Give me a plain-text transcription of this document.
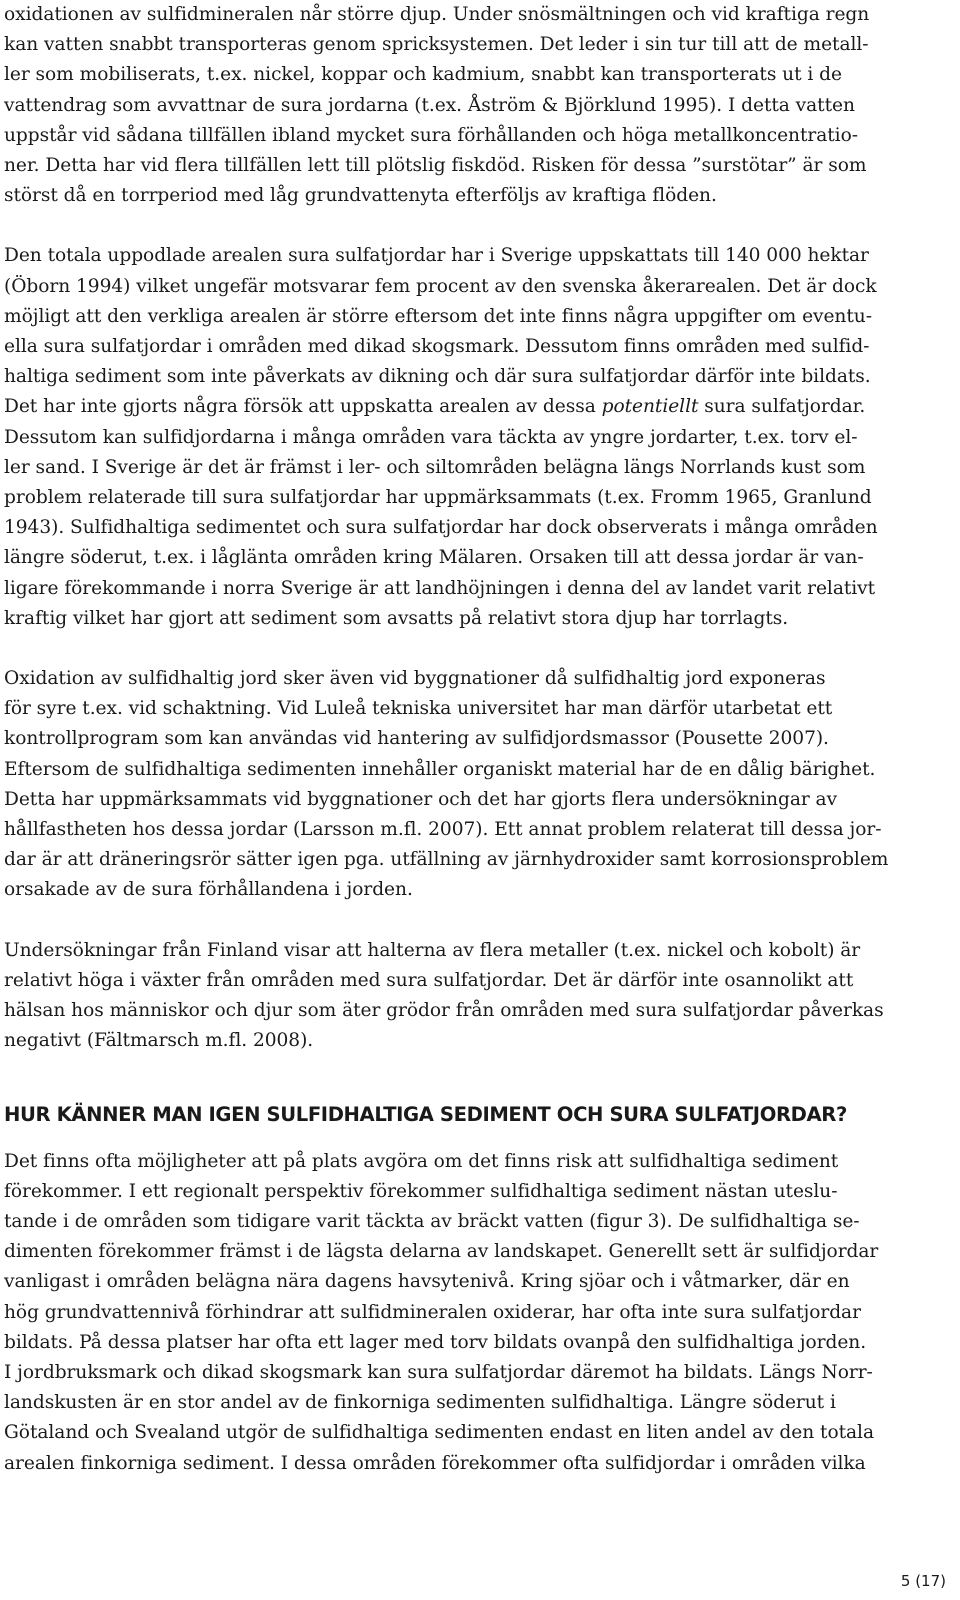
oxidationen av sulfidmineralen når större djup. Under snösmältningen och vid kraftiga regn
kan vatten snabbt transporteras genom spricksystemen. Det leder i sin tur till att de metall-
ler som mobiliserats, t.ex. nickel, koppar och kadmium, snabbt kan transporterats ut i de
vattendrag som avvattnar de sura jordarna (t.ex. Åström & Björklund 1995). I detta vatten
uppstår vid sådana tillfällen ibland mycket sura förhållanden och höga metallkoncentratio-
ner. Detta har vid flera tillfällen lett till plötslig fiskdöd. Risken för dessa ”surstötar” är som
störst då en torrperiod med låg grundvattenyta efterföljs av kraftiga flöden.

Den totala uppodlade arealen sura sulfatjordar har i Sverige uppskattats till 140 000 hektar
(Öborn 1994) vilket ungefär motsvarar fem procent av den svenska åkerarealen. Det är dock
möjligt att den verkliga arealen är större eftersom det inte finns några uppgifter om eventu-
ella sura sulfatjordar i områden med dikad skogsmark. Dessutom finns områden med sulfid-
haltiga sediment som inte påverkats av dikning och där sura sulfatjordar därför inte bildats.
Det har inte gjorts några försök att uppskatta arealen av dessa potentiellt sura sulfatjordar.
Dessutom kan sulfidjordarna i många områden vara täckta av yngre jordarter, t.ex. torv el-
ler sand. I Sverige är det är främst i ler- och siltområden belägna längs Norrlands kust som
problem relaterade till sura sulfatjordar har uppmärksammats (t.ex. Fromm 1965, Granlund
1943). Sulfidhaltiga sedimentet och sura sulfatjordar har dock observerats i många områden
längre söderut, t.ex. i låglänta områden kring Mälaren. Orsaken till att dessa jordar är van-
ligare förekommande i norra Sverige är att landhöjningen i denna del av landet varit relativt
kraftig vilket har gjort att sediment som avsatts på relativt stora djup har torrlagts.

Oxidation av sulfidhaltig jord sker även vid byggnationer då sulfidhaltig jord exponeras
för syre t.ex. vid schaktning. Vid Luleå tekniska universitet har man därför utarbetat ett
kontrollprogram som kan användas vid hantering av sulfidjordsmassor (Pousette 2007).
Eftersom de sulfidhaltiga sedimenten innehåller organiskt material har de en dålig bärighet.
Detta har uppmärksammats vid byggnationer och det har gjorts flera undersökningar av
hållfastheten hos dessa jordar (Larsson m.fl. 2007). Ett annat problem relaterat till dessa jor-
dar är att dräneringsrör sätter igen pga. utfällning av järnhydroxider samt korrosionsproblem
orsakade av de sura förhållandena i jorden.

Undersökningar från Finland visar att halterna av flera metaller (t.ex. nickel och kobolt) är
relativt höga i växter från områden med sura sulfatjordar. Det är därför inte osannolikt att
hälsan hos människor och djur som äter grödor från områden med sura sulfatjordar påverkas
negativt (Fältmarsch m.fl. 2008).

HUR KÄNNER MAN IGEN SULFIDHALTIGA SEDIMENT OCH SURA SULFATJORDAR?

Det finns ofta möjligheter att på plats avgöra om det finns risk att sulfidhaltiga sediment
förekommer. I ett regionalt perspektiv förekommer sulfidhaltiga sediment nästan uteslu-
tande i de områden som tidigare varit täckta av bräckt vatten (figur 3). De sulfidhaltiga se-
dimenten förekommer främst i de lägsta delarna av landskapet. Generellt sett är sulfidjordar
vanligast i områden belägna nära dagens havsytenivå. Kring sjöar och i våtmarker, där en
hög grundvattennivå förhindrar att sulfidmineralen oxiderar, har ofta inte sura sulfatjordar
bildats. På dessa platser har ofta ett lager med torv bildats ovanpå den sulfidhaltiga jorden.
I jordbruksmark och dikad skogsmark kan sura sulfatjordar däremot ha bildats. Längs Norr-
landskusten är en stor andel av de finkorniga sedimenten sulfidhaltiga. Längre söderut i
Götaland och Svealand utgör de sulfidhaltiga sedimenten endast en liten andel av den totala
arealen finkorniga sediment. I dessa områden förekommer ofta sulfidjordar i områden vilka

5 (17)
